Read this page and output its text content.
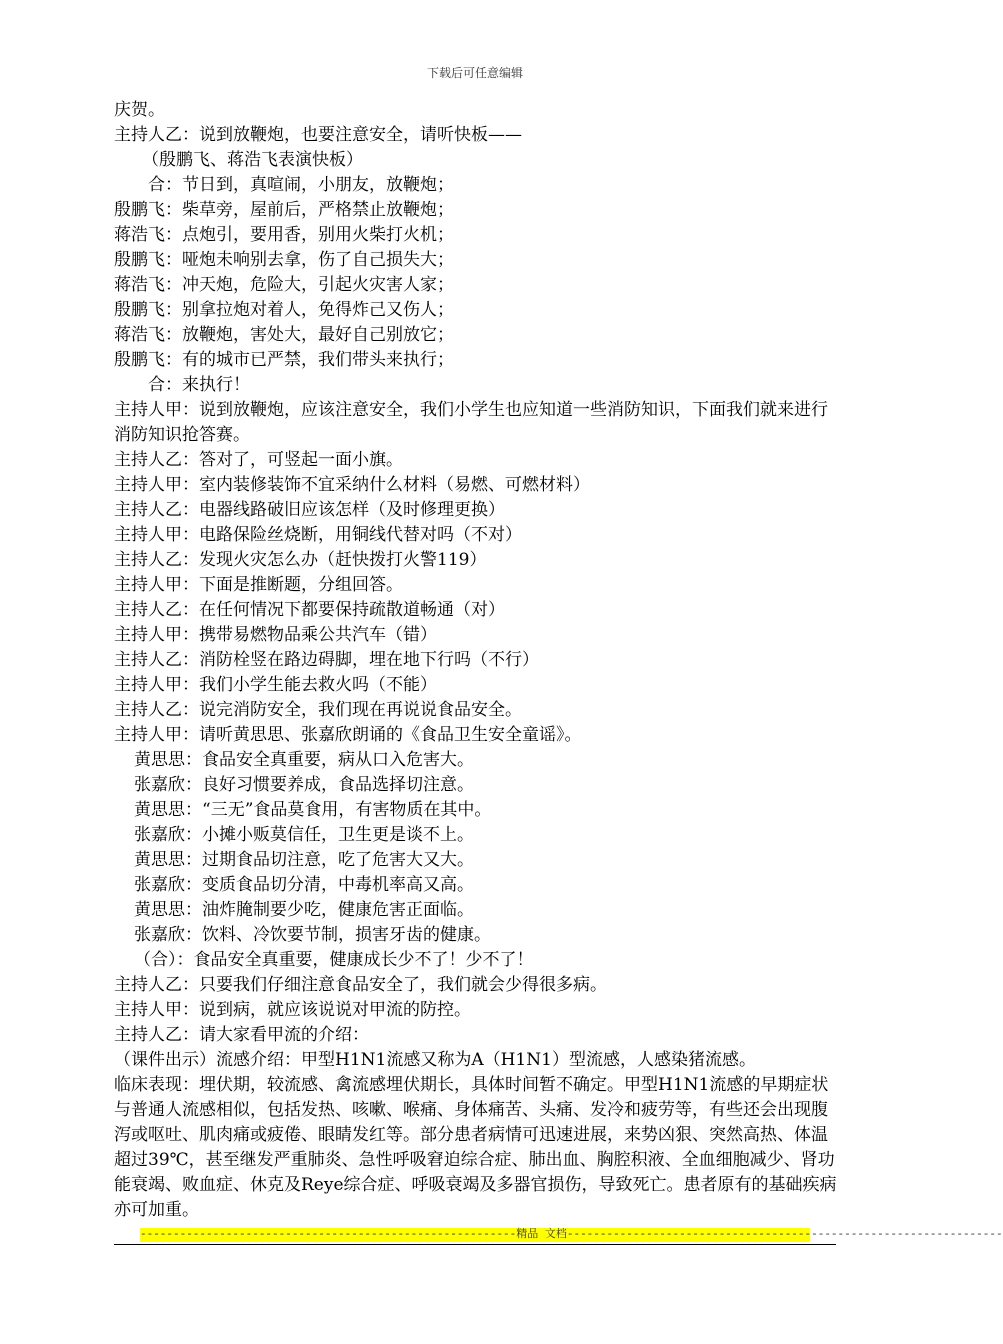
下载后可任意编辑
庆贺。
主持人乙：说到放鞭炮，也要注意安全，请听快板——
（殷鹏飞、蒋浩飞表演快板）
合：节日到，真喧闹，小朋友，放鞭炮；
殷鹏飞：柴草旁，屋前后，严格禁止放鞭炮；
蒋浩飞：点炮引，要用香，别用火柴打火机；
殷鹏飞：哑炮未响别去拿，伤了自己损失大；
蒋浩飞：冲天炮，危险大，引起火灾害人家；
殷鹏飞：别拿拉炮对着人，免得炸己又伤人；
蒋浩飞：放鞭炮，害处大，最好自己别放它；
殷鹏飞：有的城市已严禁，我们带头来执行；
合：来执行！
主持人甲：说到放鞭炮，应该注意安全，我们小学生也应知道一些消防知识，下面我们就来进行消防知识抢答赛。
主持人乙：答对了，可竖起一面小旗。
主持人甲：室内装修装饰不宜采纳什么材料（易燃、可燃材料）
主持人乙：电器线路破旧应该怎样（及时修理更换）
主持人甲：电路保险丝烧断，用铜线代替对吗（不对）
主持人乙：发现火灾怎么办（赶快拨打火警119）
主持人甲：下面是推断题，分组回答。
主持人乙：在任何情况下都要保持疏散道畅通（对）
主持人甲：携带易燃物品乘公共汽车（错）
主持人乙：消防栓竖在路边碍脚，埋在地下行吗（不行）
主持人甲：我们小学生能去救火吗（不能）
主持人乙：说完消防安全，我们现在再说说食品安全。
主持人甲：请听黄思思、张嘉欣朗诵的《食品卫生安全童谣》。
黄思思：食品安全真重要，病从口入危害大。
张嘉欣：良好习惯要养成，食品选择切注意。
黄思思：“三无”食品莫食用，有害物质在其中。
张嘉欣：小摊小贩莫信任，卫生更是谈不上。
黄思思：过期食品切注意，吃了危害大又大。
张嘉欣：变质食品切分清，中毒机率高又高。
黄思思：油炸腌制要少吃，健康危害正面临。
张嘉欣：饮料、冷饮要节制，损害牙齿的健康。
（合）：食品安全真重要，健康成长少不了！少不了！
主持人乙：只要我们仔细注意食品安全了，我们就会少得很多病。
主持人甲：说到病，就应该说说对甲流的防控。
主持人乙：请大家看甲流的介绍：
（课件出示）流感介绍：甲型H1N1流感又称为A（H1N1）型流感，人感染猪流感。
临床表现：埋伏期，较流感、禽流感埋伏期长，具体时间暂不确定。甲型H1N1流感的早期症状与普通人流感相似，包括发热、咳嗽、喉痛、身体痛苦、头痛、发冷和疲劳等，有些还会出现腹泻或呕吐、肌肉痛或疲倦、眼睛发红等。部分患者病情可迅速进展，来势凶狠、突然高热、体温超过39℃，甚至继发严重肺炎、急性呼吸窘迫综合症、肺出血、胸腔积液、全血细胞减少、肾功能衰竭、败血症、休克及Reye综合症、呼吸衰竭及多器官损伤，导致死亡。患者原有的基础疾病亦可加重。
---------------------------------------------------------精品 文档------------------------------------------------------------------
